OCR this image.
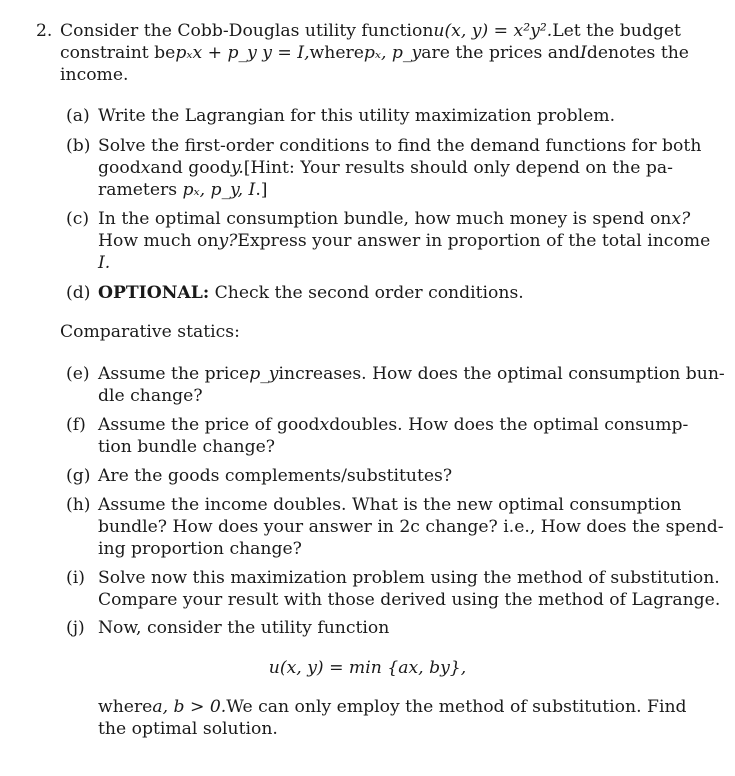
2. Consider the Cobb-Douglas utility function u(x, y) = x²y². Let the budget
constraint be pₓx + p_y y = I, where pₓ, p_y are the prices and I denotes the
income.
(a) Write the Lagrangian for this utility maximization problem.
(b) Solve the first-order conditions to find the demand functions for both
good x and good y. [Hint: Your results should only depend on the pa-
rameters pₓ, p_y, I.]
(c) In the optimal consumption bundle, how much money is spend on x?
How much on y? Express your answer in proportion of the total income
I.
(d) OPTIONAL: Check the second order conditions.
Comparative statics:
(e) Assume the price p_y increases. How does the optimal consumption bun-
dle change?
(f) Assume the price of good x doubles. How does the optimal consump-
tion bundle change?
(g) Are the goods complements/substitutes?
(h) Assume the income doubles. What is the new optimal consumption
bundle? How does your answer in 2c change? i.e., How does the spend-
ing proportion change?
(i) Solve now this maximization problem using the method of substitution.
Compare your result with those derived using the method of Lagrange.
(j) Now, consider the utility function
u(x, y) = min {ax, by},
where a, b > 0. We can only employ the method of substitution. Find
the optimal solution.
